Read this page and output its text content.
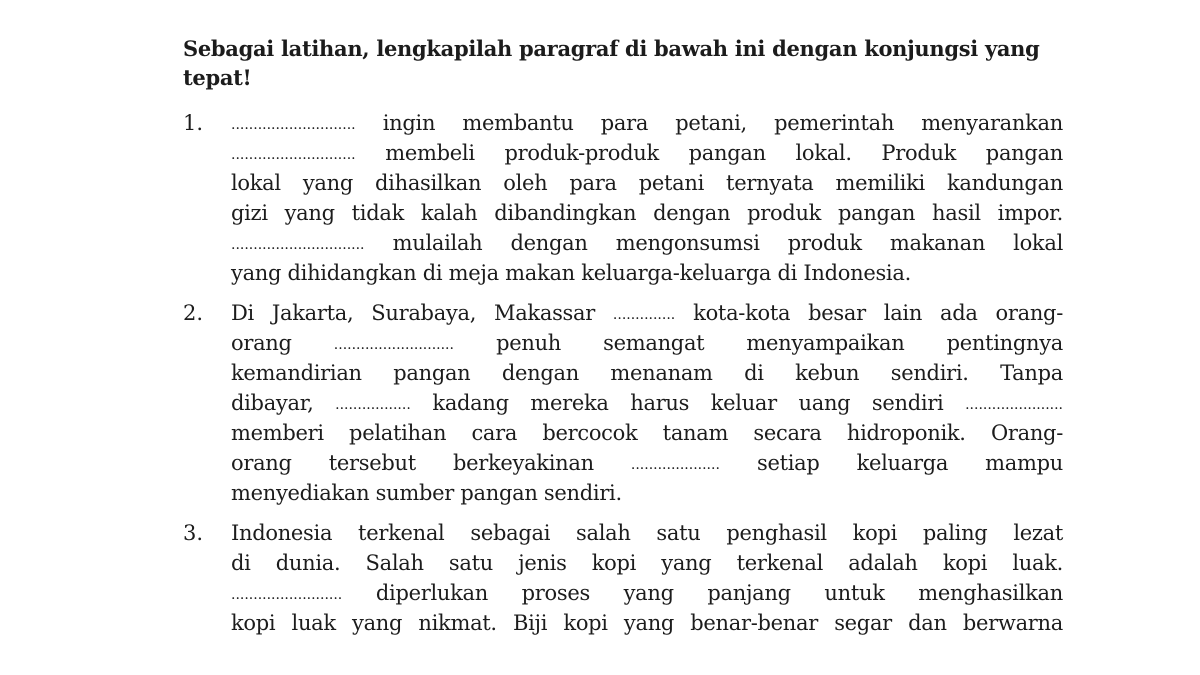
Sebagai latihan, lengkapilah paragraf di bawah ini dengan konjungsi yang tepat!
1. ............................ ingin membantu para petani, pemerintah menyarankan
............................ membeli produk-produk pangan lokal. Produk pangan
lokal yang dihasilkan oleh para petani ternyata memiliki kandungan
gizi yang tidak kalah dibandingkan dengan produk pangan hasil impor.
.............................. mulailah dengan mengonsumsi produk makanan lokal
yang dihidangkan di meja makan keluarga-keluarga di Indonesia.
2. Di Jakarta, Surabaya, Makassar .............. kota-kota besar lain ada orang-
orang ........................... penuh semangat menyampaikan pentingnya
kemandirian pangan dengan menanam di kebun sendiri. Tanpa
dibayar, ................. kadang mereka harus keluar uang sendiri ......................
memberi pelatihan cara bercocok tanam secara hidroponik. Orang-
orang tersebut berkeyakinan .................... setiap keluarga mampu
menyediakan sumber pangan sendiri.
3. Indonesia terkenal sebagai salah satu penghasil kopi paling lezat
di dunia. Salah satu jenis kopi yang terkenal adalah kopi luak.
......................... diperlukan proses yang panjang untuk menghasilkan
kopi luak yang nikmat. Biji kopi yang benar-benar segar dan berwarna
